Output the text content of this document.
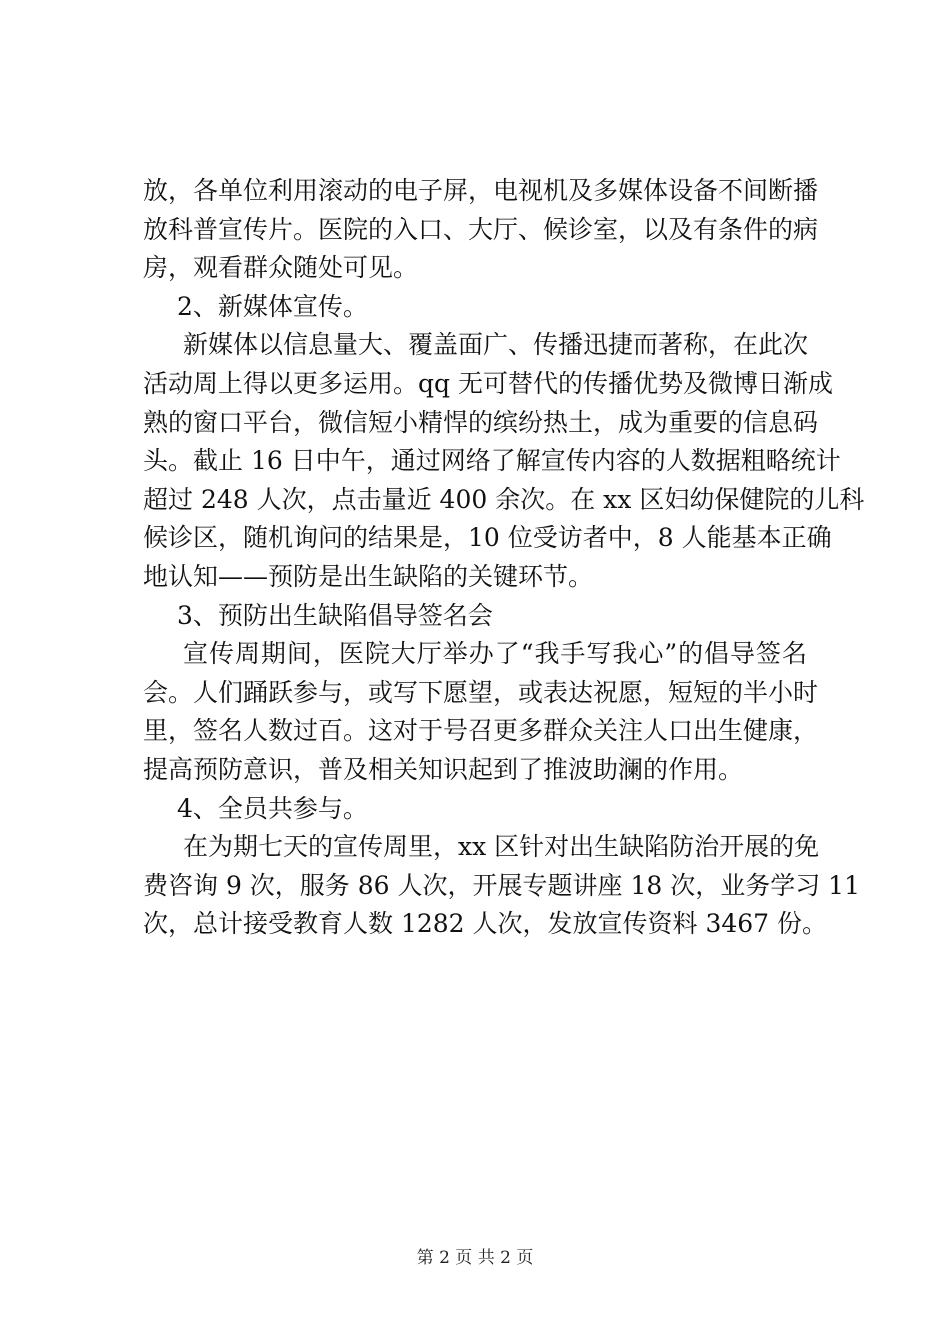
放，各单位利用滚动的电子屏，电视机及多媒体设备不间断播
放科普宣传片。医院的入口、大厅、候诊室，以及有条件的病
房，观看群众随处可见。
2、新媒体宣传。
新媒体以信息量大、覆盖面广、传播迅捷而著称，在此次
活动周上得以更多运用。qq 无可替代的传播优势及微博日渐成
熟的窗口平台，微信短小精悍的缤纷热土，成为重要的信息码
头。截止 16 日中午，通过网络了解宣传内容的人数据粗略统计
超过 248 人次，点击量近 400 余次。在 xx 区妇幼保健院的儿科
候诊区，随机询问的结果是，10 位受访者中，8 人能基本正确
地认知——预防是出生缺陷的关键环节。
3、预防出生缺陷倡导签名会
宣传周期间，医院大厅举办了“我手写我心”的倡导签名
会。人们踊跃参与，或写下愿望，或表达祝愿，短短的半小时
里，签名人数过百。这对于号召更多群众关注人口出生健康，
提高预防意识，普及相关知识起到了推波助澜的作用。
4、全员共参与。
在为期七天的宣传周里，xx 区针对出生缺陷防治开展的免
费咨询 9 次，服务 86 人次，开展专题讲座 18 次，业务学习 11
次，总计接受教育人数 1282 人次，发放宣传资料 3467 份。
第 2 页 共 2 页
